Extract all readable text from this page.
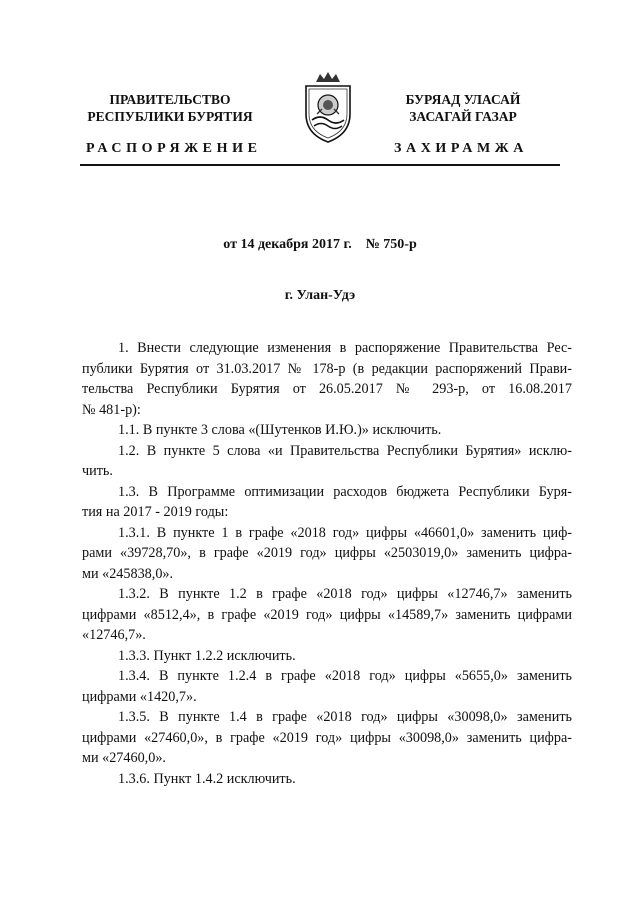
ПРАВИТЕЛЬСТВО
РЕСПУБЛИКИ БУРЯТИЯ
БУРЯАД УЛАСАЙ
ЗАСАГАЙ ГАЗАР
РАСПОРЯЖЕНИЕ	ЗАХИРАМЖА
от 14 декабря 2017 г.    № 750-р
г. Улан-Удэ
1. Внести следующие изменения в распоряжение Правительства Рес-
публики Бурятия от 31.03.2017 № 178-р (в редакции распоряжений Прави-
тельства Республики Бурятия от 26.05.2017 № 293-р, от 16.08.2017
№ 481-р):
1.1. В пункте 3 слова «(Шутенков И.Ю.)» исключить.
1.2. В пункте 5 слова «и Правительства Республики Бурятия» исклю-
чить.
1.3. В Программе оптимизации расходов бюджета Республики Буря-
тия на 2017 - 2019 годы:
1.3.1. В пункте 1 в графе «2018 год» цифры «46601,0» заменить циф-
рами «39728,70», в графе «2019 год» цифры «2503019,0» заменить цифра-
ми «245838,0».
1.3.2. В пункте 1.2 в графе «2018 год» цифры «12746,7» заменить
цифрами «8512,4», в графе «2019 год» цифры «14589,7» заменить цифрами
«12746,7».
1.3.3. Пункт 1.2.2 исключить.
1.3.4. В пункте 1.2.4 в графе «2018 год» цифры «5655,0» заменить
цифрами «1420,7».
1.3.5. В пункте 1.4 в графе «2018 год» цифры «30098,0» заменить
цифрами «27460,0», в графе «2019 год» цифры «30098,0» заменить цифра-
ми «27460,0».
1.3.6. Пункт 1.4.2 исключить.
